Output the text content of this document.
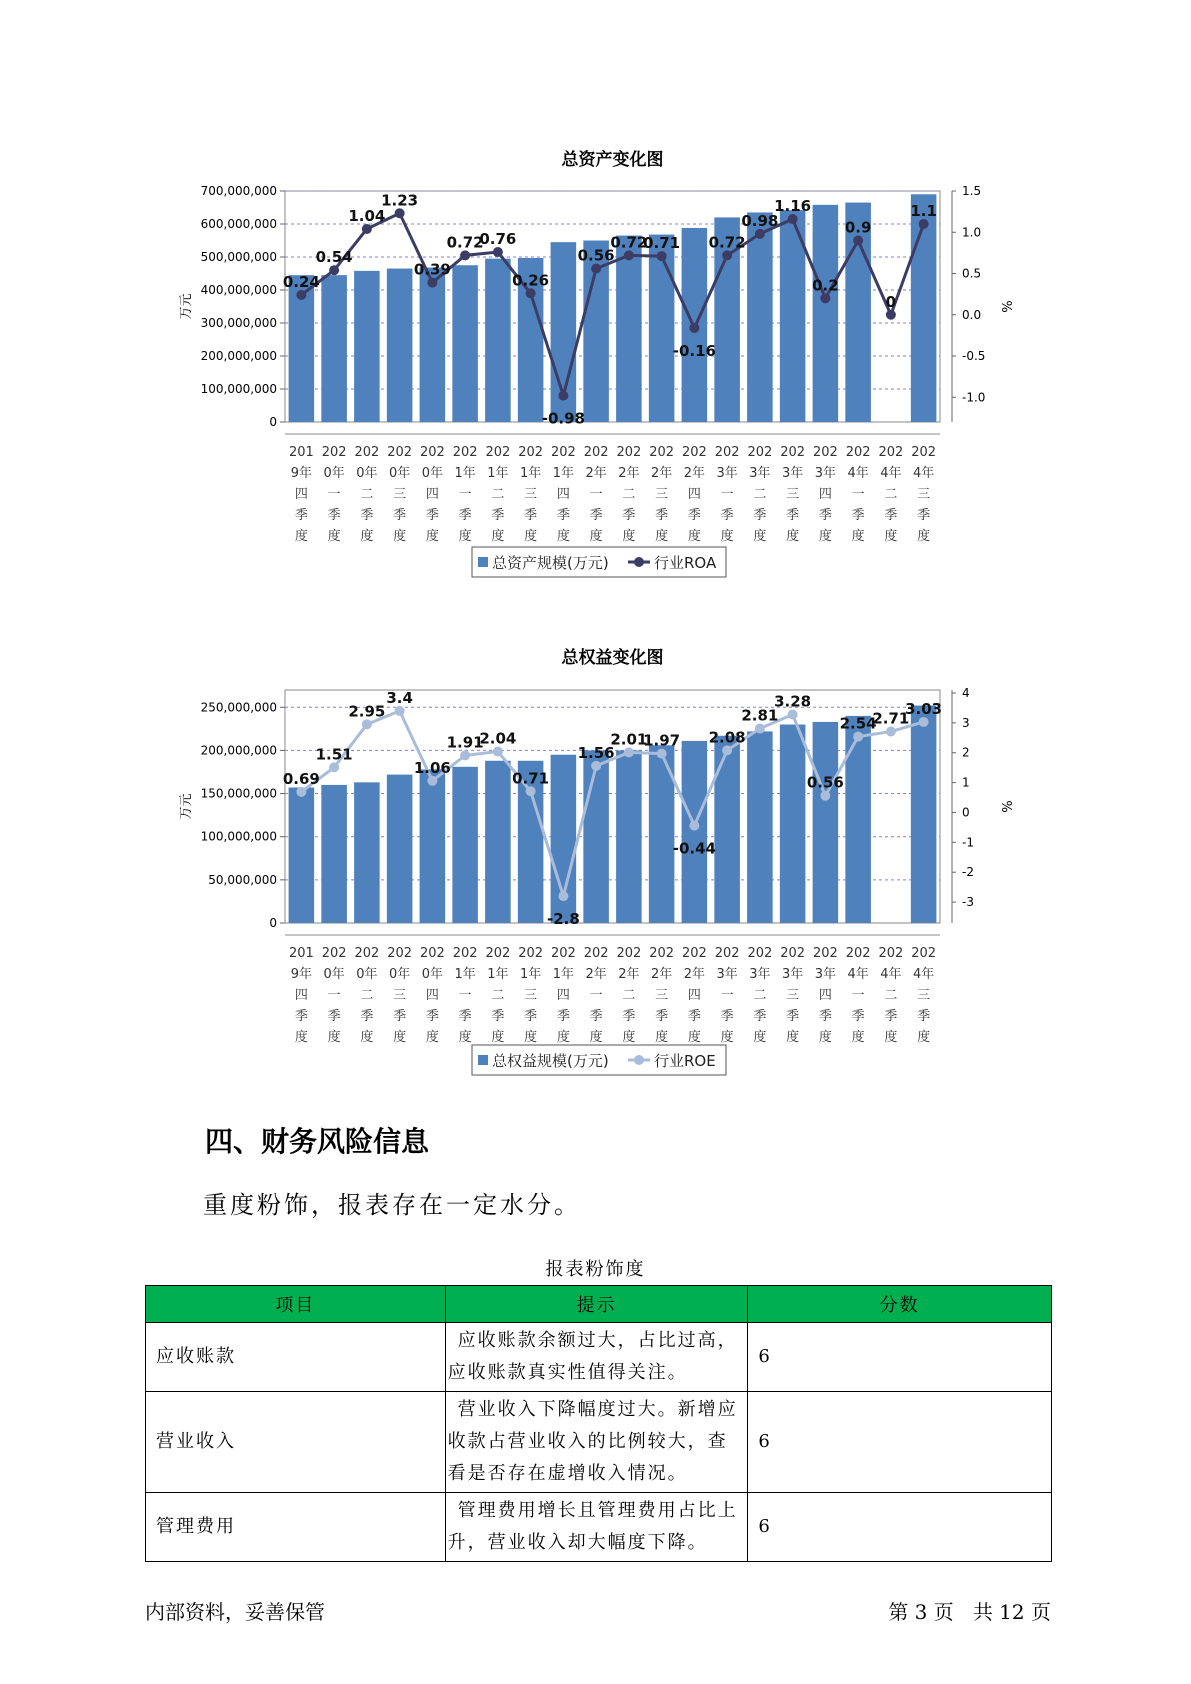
总资产变化图
0
100,000,000
200,000,000
300,000,000
400,000,000
500,000,000
600,000,000
700,000,000
万元
1.5
1.0
0.5
0.0
-0.5
-1.0
%
201 9年四季度
202 0年一季度
202 0年二季度
202 0年三季度
202 0年四季度
202 1年一季度
202 1年二季度
202 1年三季度
202 1年四季度
202 2年一季度
202 2年二季度
202 2年三季度
202 2年四季度
202 3年一季度
202 3年二季度
202 3年三季度
202 3年四季度
202 4年一季度
202 4年二季度
202 4年三季度
0.24
0.54
1.04
1.23
0.39
0.72
0.76
0.26
-0.98
0.56
0.72
0.71
-0.16
0.72
0.98
1.16
0.2
0.9
0
1.1
总资产规模(万元)	行业ROA
总权益变化图
0
50,000,000
100,000,000
150,000,000
200,000,000
250,000,000
万元
4
3
2
1
0
-1
-2
-3
%
201 9年四季度
202 0年一季度
202 0年二季度
202 0年三季度
202 0年四季度
202 1年一季度
202 1年二季度
202 1年三季度
202 1年四季度
202 2年一季度
202 2年二季度
202 2年三季度
202 2年四季度
202 3年一季度
202 3年二季度
202 3年三季度
202 3年四季度
202 4年一季度
202 4年二季度
202 4年三季度
0.69
1.51
2.95
3.4
1.06
1.91
2.04
0.71
-2.8
1.56
2.01
1.97
-0.44
2.08
2.81
3.28
0.56
2.54
2.71
3.03
总权益规模(万元)	行业ROE
四、财务风险信息

重度粉饰，报表存在一定水分。

报表粉饰度
项目	提示	分数
应收账款	应收账款余额过大，占比过高，应收账款真实性值得关注。	6
营业收入	营业收入下降幅度过大。新增应收款占营业收入的比例较大，查看是否存在虚增收入情况。	6
管理费用	管理费用增长且管理费用占比上升，营业收入却大幅度下降。	6
内部资料，妥善保管	第 3 页   共 12 页
